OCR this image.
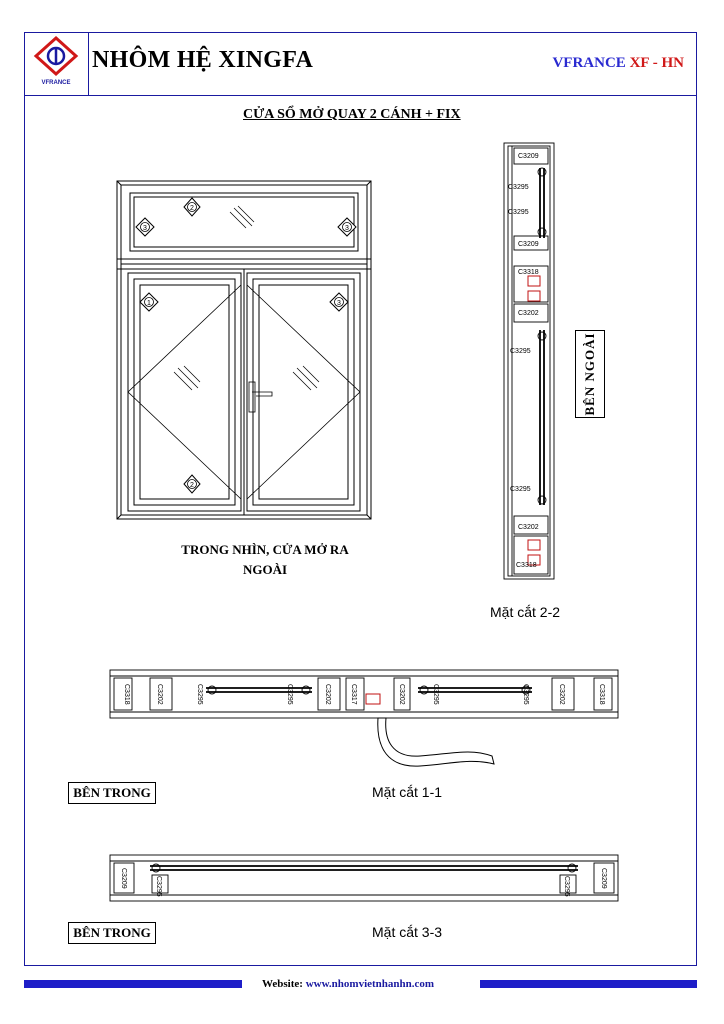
VFRANCE
NHÔM HỆ XINGFA	VFRANCE XF - HN
CỬA SỔ MỞ QUAY 2 CÁNH + FIX
2
3	3
1	3
2
C3209
C3295
C3295
C3209
C3318
C3202
C3295
C3295
C3202
C3318
C3318	C3202	C3295	C3295	C3202	C3317	C3202	C3295	C3295	C3202	C3318
C3209	C3295	C3295	C3209
TRONG NHÌN, CỬA MỞ RA
NGOÀI
BÊN NGOÀI
Mặt cắt 2-2
BÊN TRONG	Mặt cắt 1-1
BÊN TRONG	Mặt cắt 3-3
Website: www.nhomvietnhanhn.com
